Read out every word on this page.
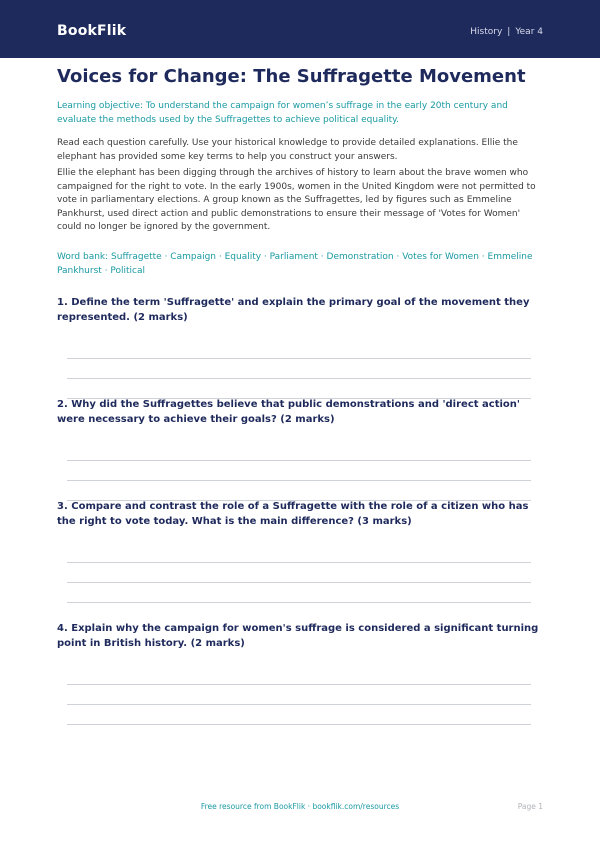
BookFlik	History | Year 4
Voices for Change: The Suffragette Movement
Learning objective: To understand the campaign for women’s suffrage in the early 20th century and evaluate the methods used by the Suffragettes to achieve political equality.
Read each question carefully. Use your historical knowledge to provide detailed explanations. Ellie the elephant has provided some key terms to help you construct your answers.
Ellie the elephant has been digging through the archives of history to learn about the brave women who campaigned for the right to vote. In the early 1900s, women in the United Kingdom were not permitted to vote in parliamentary elections. A group known as the Suffragettes, led by figures such as Emmeline Pankhurst, used direct action and public demonstrations to ensure their message of 'Votes for Women' could no longer be ignored by the government.
Word bank: Suffragette · Campaign · Equality · Parliament · Demonstration · Votes for Women · Emmeline Pankhurst · Political
1. Define the term 'Suffragette' and explain the primary goal of the movement they represented. (2 marks)
2. Why did the Suffragettes believe that public demonstrations and 'direct action' were necessary to achieve their goals? (2 marks)
3. Compare and contrast the role of a Suffragette with the role of a citizen who has the right to vote today. What is the main difference? (3 marks)
4. Explain why the campaign for women's suffrage is considered a significant turning point in British history. (2 marks)
Free resource from BookFlik · bookflik.com/resources	Page 1
